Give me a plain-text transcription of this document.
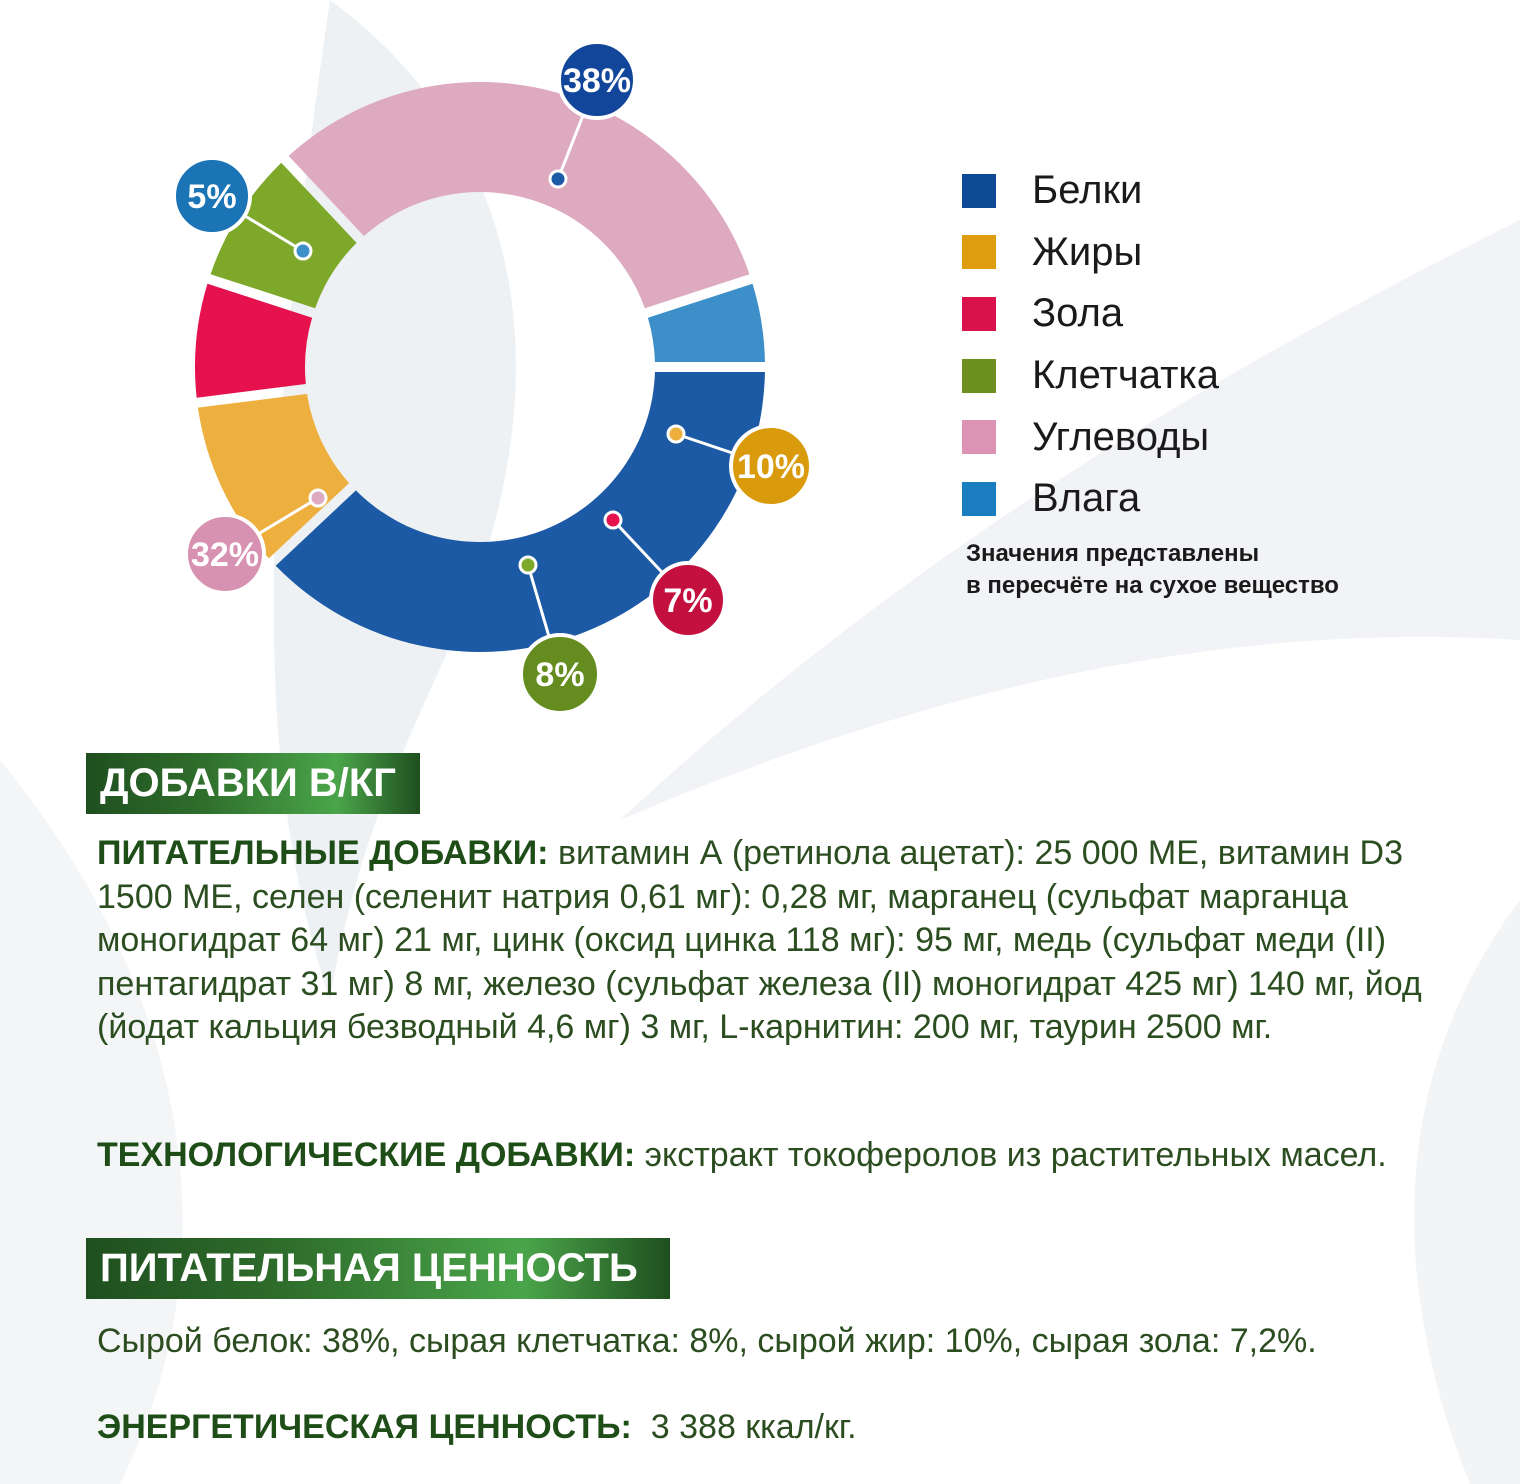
38%
10%
7%
8%
32%
5%	Белки
Жиры
Зола
Клетчатка
Углеводы
Влага
Значения представлены
в пересчёте на сухое вещество
ДОБАВКИ В/КГ
ПИТАТЕЛЬНЫЕ ДОБАВКИ: витамин А (ретинола ацетат): 25 000 МЕ, витамин D3 1500 МЕ, селен (селенит натрия 0,61 мг): 0,28 мг, марганец (сульфат марганца моногидрат 64 мг) 21 мг, цинк (оксид цинка 118 мг): 95 мг, медь (сульфат меди (II) пентагидрат 31 мг) 8 мг, железо (сульфат железа (II) моногидрат 425 мг) 140 мг, йод (йодат кальция безводный 4,6 мг) 3 мг, L-карнитин: 200 мг, таурин 2500 мг.
ТЕХНОЛОГИЧЕСКИЕ ДОБАВКИ: экстракт токоферолов из растительных масел.
ПИТАТЕЛЬНАЯ ЦЕННОСТЬ
Сырой белок: 38%, сырая клетчатка: 8%, сырой жир: 10%, сырая зола: 7,2%.
ЭНЕРГЕТИЧЕСКАЯ ЦЕННОСТЬ:  3 388 ккал/кг.
